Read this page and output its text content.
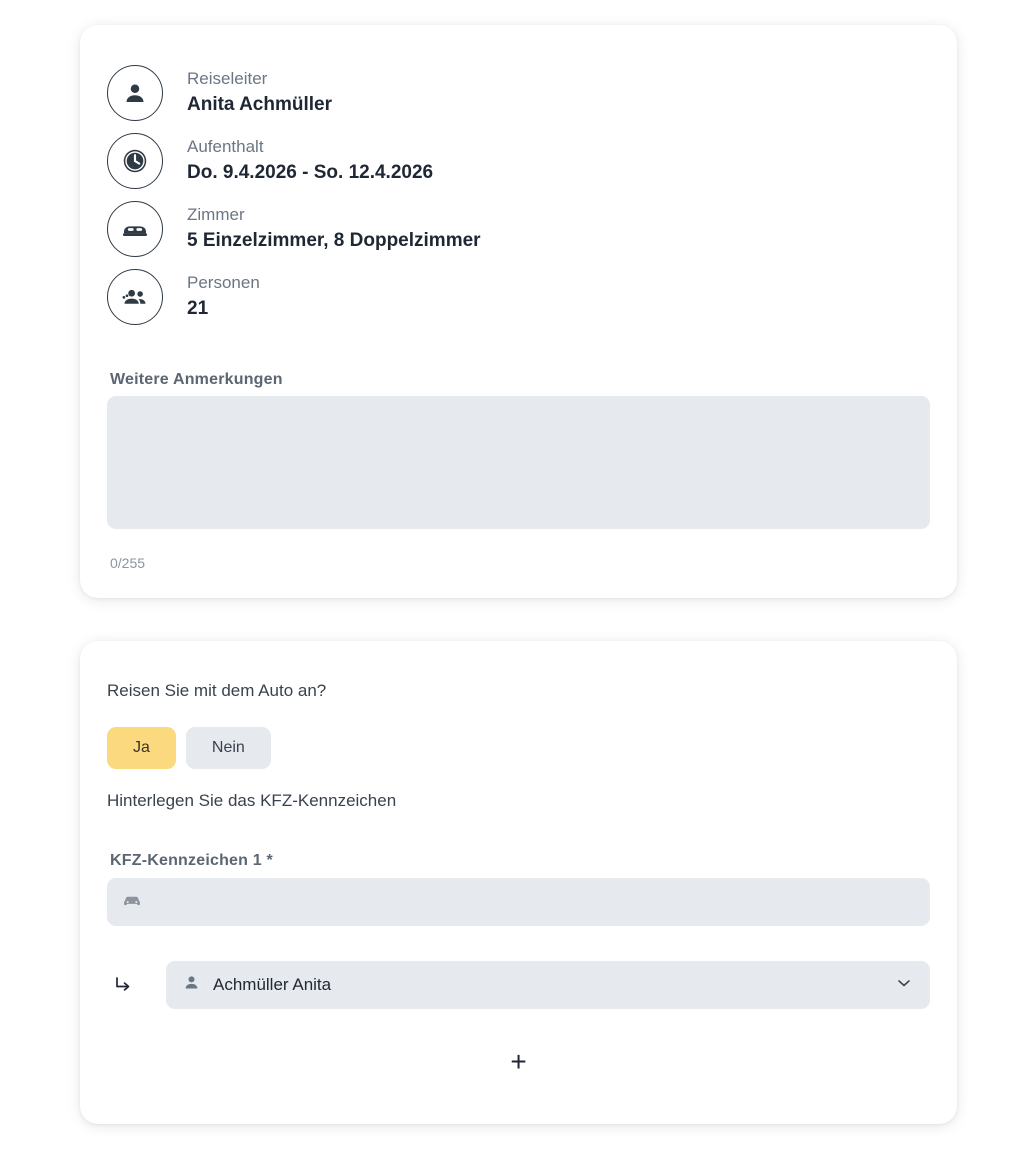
Reiseleiter
Anita Achmüller
Aufenthalt
Do. 9.4.2026 - So. 12.4.2026
Zimmer
5 Einzelzimmer, 8 Doppelzimmer
Personen
21
Weitere Anmerkungen
0/255
Reisen Sie mit dem Auto an?
Ja	Nein
Hinterlegen Sie das KFZ-Kennzeichen
KFZ-Kennzeichen 1 *
Achmüller Anita
+
